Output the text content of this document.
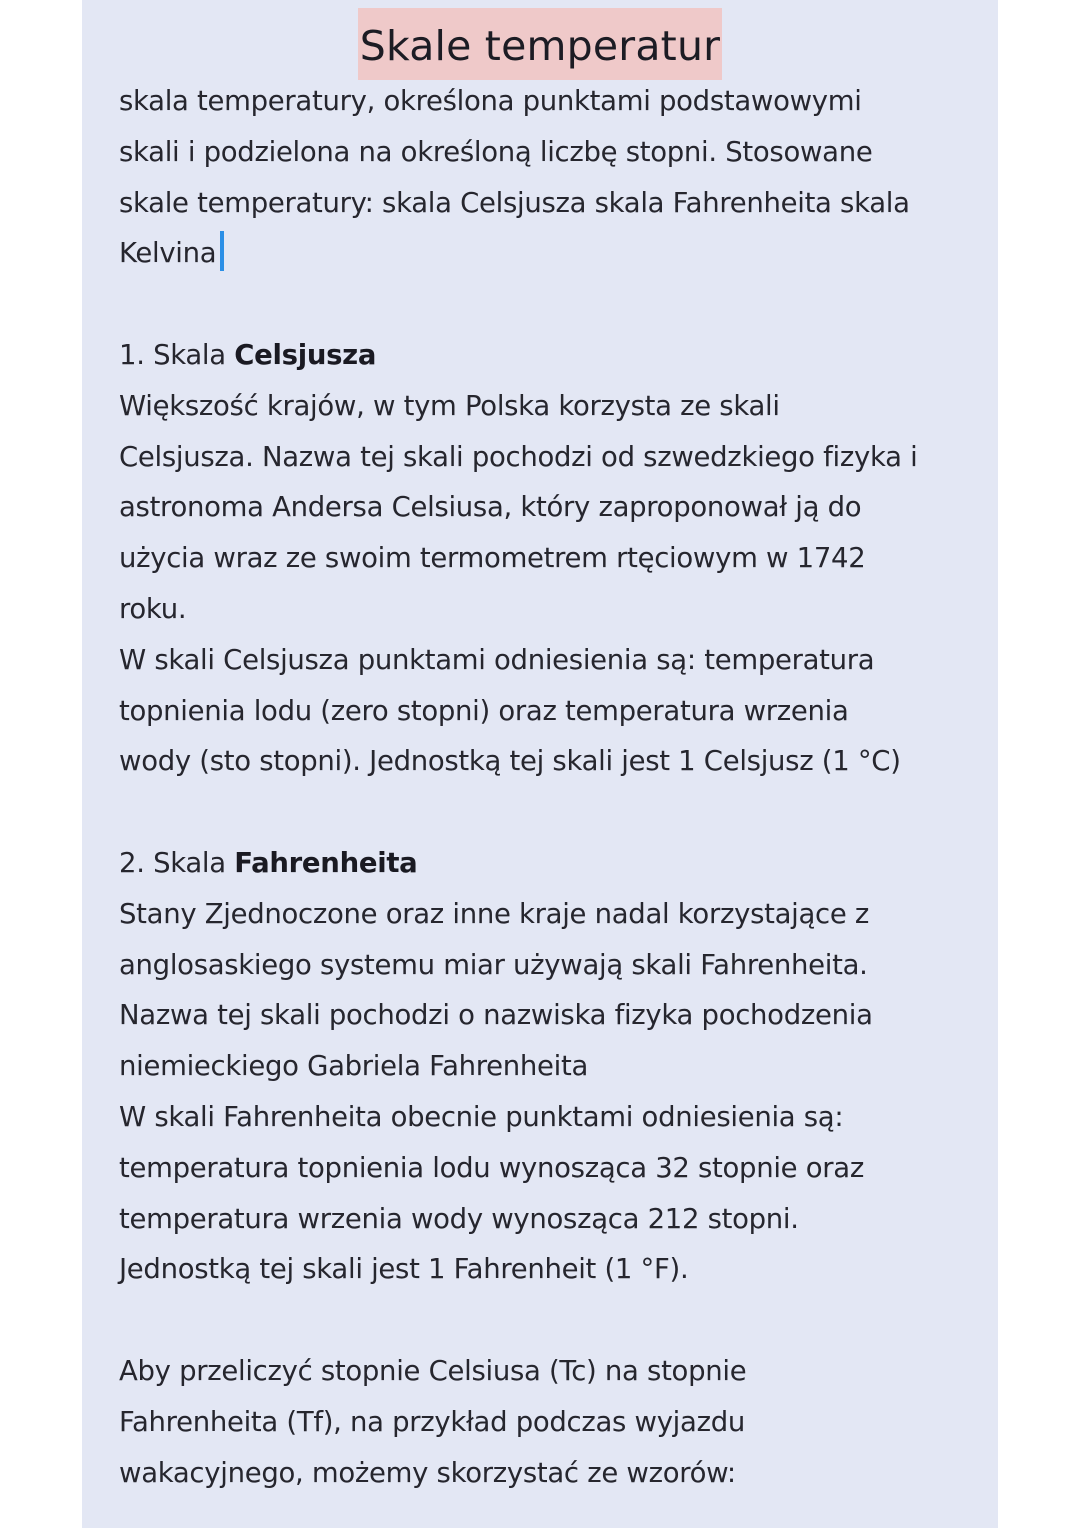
Skale temperatur
skala temperatury, określona punktami podstawowymi
skali i podzielona na określoną liczbę stopni. Stosowane
skale temperatury: skala Celsjusza skala Fahrenheita skala
Kelvina
1. Skala Celsjusza
Większość krajów, w tym Polska korzysta ze skali
Celsjusza. Nazwa tej skali pochodzi od szwedzkiego fizyka i
astronoma Andersa Celsiusa, który zaproponował ją do
użycia wraz ze swoim termometrem rtęciowym w 1742
roku.
W skali Celsjusza punktami odniesienia są: temperatura
topnienia lodu (zero stopni) oraz temperatura wrzenia
wody (sto stopni). Jednostką tej skali jest 1 Celsjusz (1 °C)
2. Skala Fahrenheita
Stany Zjednoczone oraz inne kraje nadal korzystające z
anglosaskiego systemu miar używają skali Fahrenheita.
Nazwa tej skali pochodzi o nazwiska fizyka pochodzenia
niemieckiego Gabriela Fahrenheita
W skali Fahrenheita obecnie punktami odniesienia są:
temperatura topnienia lodu wynosząca 32 stopnie oraz
temperatura wrzenia wody wynosząca 212 stopni.
Jednostką tej skali jest 1 Fahrenheit (1 °F).
Aby przeliczyć stopnie Celsiusa (Tc) na stopnie
Fahrenheita (Tf), na przykład podczas wyjazdu
wakacyjnego, możemy skorzystać ze wzorów:
